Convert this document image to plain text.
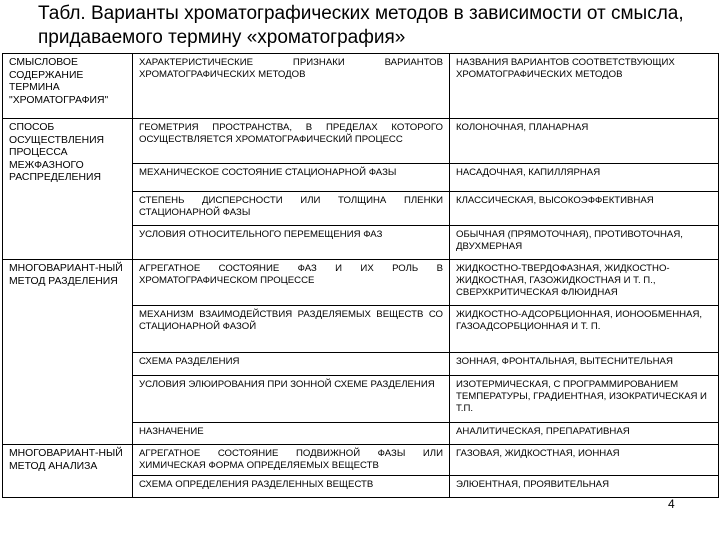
Табл. Варианты хроматографических методов в зависимости от смысла, придаваемого термину «хроматография»
СМЫСЛОВОЕ СОДЕРЖАНИЕ ТЕРМИНА "ХРОМАТОГРАФИЯ"	ХАРАКТЕРИСТИЧЕСКИЕ ПРИЗНАКИ ВАРИАНТОВ ХРОМАТОГРАФИЧЕСКИХ МЕТОДОВ	НАЗВАНИЯ ВАРИАНТОВ СООТВЕТСТВУЮЩИХ ХРОМАТОГРАФИЧЕСКИХ МЕТОДОВ
СПОСОБ ОСУЩЕСТВЛЕНИЯ ПРОЦЕССА МЕЖФАЗНОГО РАСПРЕДЕЛЕНИЯ	ГЕОМЕТРИЯ ПРОСТРАНСТВА, В ПРЕДЕЛАХ КОТОРОГО ОСУЩЕСТВЛЯЕТСЯ ХРОМАТОГРАФИЧЕСКИЙ ПРОЦЕСС	КОЛОНОЧНАЯ, ПЛАНАРНАЯ
	МЕХАНИЧЕСКОЕ СОСТОЯНИЕ СТАЦИОНАРНОЙ ФАЗЫ	НАСАДОЧНАЯ, КАПИЛЛЯРНАЯ
	СТЕПЕНЬ ДИСПЕРСНОСТИ ИЛИ ТОЛЩИНА ПЛЕНКИ СТАЦИОНАРНОЙ ФАЗЫ	КЛАССИЧЕСКАЯ, ВЫСОКОЭФФЕКТИВНАЯ
	УСЛОВИЯ ОТНОСИТЕЛЬНОГО ПЕРЕМЕЩЕНИЯ ФАЗ	ОБЫЧНАЯ (ПРЯМОТОЧНАЯ), ПРОТИВОТОЧНАЯ, ДВУХМЕРНАЯ
МНОГОВАРИАНТ-НЫЙ МЕТОД РАЗДЕЛЕНИЯ	АГРЕГАТНОЕ СОСТОЯНИЕ ФАЗ И ИХ РОЛЬ В ХРОМАТОГРАФИЧЕСКОМ ПРОЦЕССЕ	ЖИДКОСТНО-ТВЕРДОФАЗНАЯ, ЖИДКОСТНО-ЖИДКОСТНАЯ, ГАЗОЖИДКОСТНАЯ И Т. П., СВЕРХКРИТИЧЕСКАЯ ФЛЮИДНАЯ
	МЕХАНИЗМ ВЗАИМОДЕЙСТВИЯ РАЗДЕЛЯЕМЫХ ВЕЩЕСТВ СО СТАЦИОНАРНОЙ ФАЗОЙ	ЖИДКОСТНО-АДСОРБЦИОННАЯ, ИОНООБМЕННАЯ, ГАЗОАДСОРБЦИОННАЯ И Т. П.
	СХЕМА РАЗДЕЛЕНИЯ	ЗОННАЯ, ФРОНТАЛЬНАЯ, ВЫТЕСНИТЕЛЬНАЯ
	УСЛОВИЯ ЭЛЮИРОВАНИЯ ПРИ ЗОННОЙ СХЕМЕ РАЗДЕЛЕНИЯ	ИЗОТЕРМИЧЕСКАЯ, С ПРОГРАММИРОВАНИЕМ ТЕМПЕРАТУРЫ, ГРАДИЕНТНАЯ, ИЗОКРАТИЧЕСКАЯ И Т.П.
	НАЗНАЧЕНИЕ	АНАЛИТИЧЕСКАЯ, ПРЕПАРАТИВНАЯ
МНОГОВАРИАНТ-НЫЙ МЕТОД АНАЛИЗА	АГРЕГАТНОЕ СОСТОЯНИЕ ПОДВИЖНОЙ ФАЗЫ ИЛИ ХИМИЧЕСКАЯ ФОРМА ОПРЕДЕЛЯЕМЫХ ВЕЩЕСТВ	ГАЗОВАЯ, ЖИДКОСТНАЯ, ИОННАЯ
	СХЕМА ОПРЕДЕЛЕНИЯ РАЗДЕЛЕННЫХ ВЕЩЕСТВ	ЭЛЮЕНТНАЯ, ПРОЯВИТЕЛЬНАЯ
4
